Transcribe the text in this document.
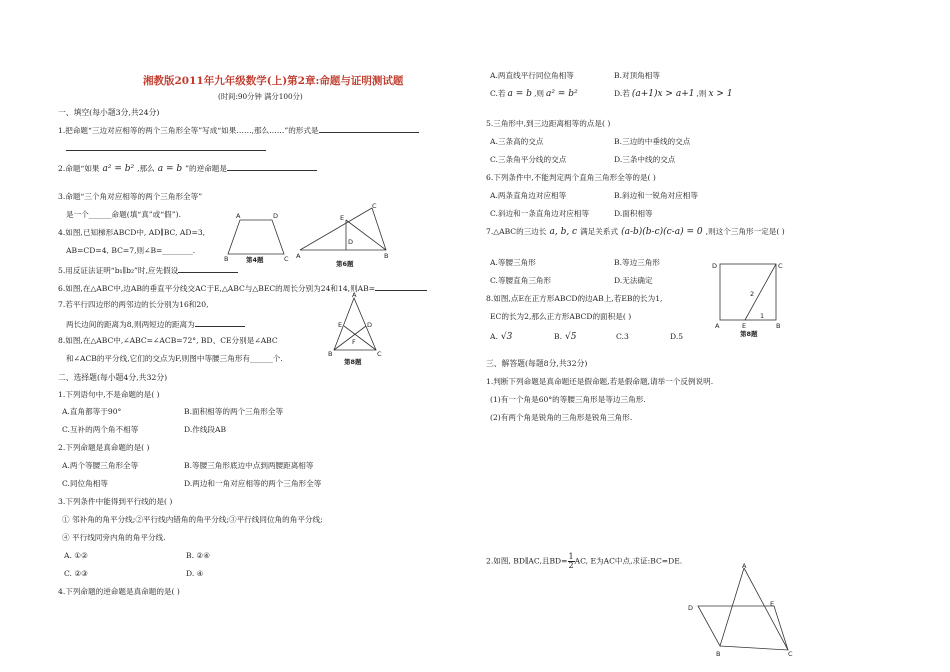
湘教版2011年九年级数学(上)第2章:命题与证明测试题
(时间:90分钟 满分100分)
一、填空(每小题3分,共24分)
1.把命题“三边对应相等的两个三角形全等”写成“如果……,那么……”的形式是
2.命题“如果 a² = b² ,那么 a = b ”的逆命题是
3.命题“三个角对应相等的两个三角形全等”
是一个______命题(填“真”或“假”).
4.如图,已知梯形ABCD中, AD∥BC, AD=3,
AB=CD=4, BC=7,则∠B=________.
5.用反证法证明“b₁∥b₂”时,应先假设
6.如图,在△ABC中,边AB的垂直平分线交AC于E,△ABC与△BEC的周长分别为24和14,则AB=
7.若平行四边形的两邻边的长分别为16和20,
两长边间的距离为8,则两短边的距离为
8.如图,在△ABC中,∠ABC=∠ACB=72°, BD、CE分别是∠ABC
和∠ACB的平分线,它们的交点为F,则图中等腰三角形有______个.
二、选择题(每小题4分,共32分)
1.下列语句中,不是命题的是( )
A.直角都等于90°	B.面积相等的两个三角形全等
C.互补的两个角不相等	D.作线段AB
2.下列命题是真命题的是( )
A.两个等腰三角形全等	B.等腰三角形底边中点到两腰距离相等
C.同位角相等	D.两边和一角对应相等的两个三角形全等
3.下列条件中能得到平行线的是( )
① 邻补角的角平分线;②平行线内错角的角平分线;③平行线同位角的角平分线;
④ 平行线同旁内角的角平分线.
A. ①②	B. ②④
C. ②③	D. ④
4.下列命题的逆命题是真命题的是( )
A	D
B	C
第4题
E
C
D
A	B
第6题
A
E	D
F
B	C
第8题
A.两直线平行同位角相等	B.对顶角相等
C.若 a = b ,则 a² = b²	D.若 (a+1)x > a+1 ,则 x > 1
5.三角形中,到三边距离相等的点是( )
A.三条高的交点	B.三边的中垂线的交点
C.三条角平分线的交点	D.三条中线的交点
6.下列条件中,不能判定两个直角三角形全等的是( )
A.两条直角边对应相等	B.斜边和一锐角对应相等
C.斜边和一条直角边对应相等	D.面积相等
7.△ABC的三边长 a, b, c 满足关系式 (a-b)(b-c)(c-a) = 0 ,则这个三角形一定是( )
A.等腰三角形	B.等边三角形
C.等腰直角三角形	D.无法确定
8.如图,点E在正方形ABCD的边AB上,若EB的长为1,
EC的长为2,那么正方形ABCD的面积是( )
A. √3	B. √5	C.3	D.5
D	C
A	E	B
2
1
第8题
三、解答题(每题8分,共32分)
1.判断下列命题是真命题还是假命题,若是假命题,请举一个反例说明.
(1)有一个角是60°的等腰三角形是等边三角形.
(2)有两个角是锐角的三角形是锐角三角形.
2.如图, BD∥AC,且$BD= \frac{1}{2}$ AC, E为AC中点,求证:BC=DE.
A
D	E
B	C
